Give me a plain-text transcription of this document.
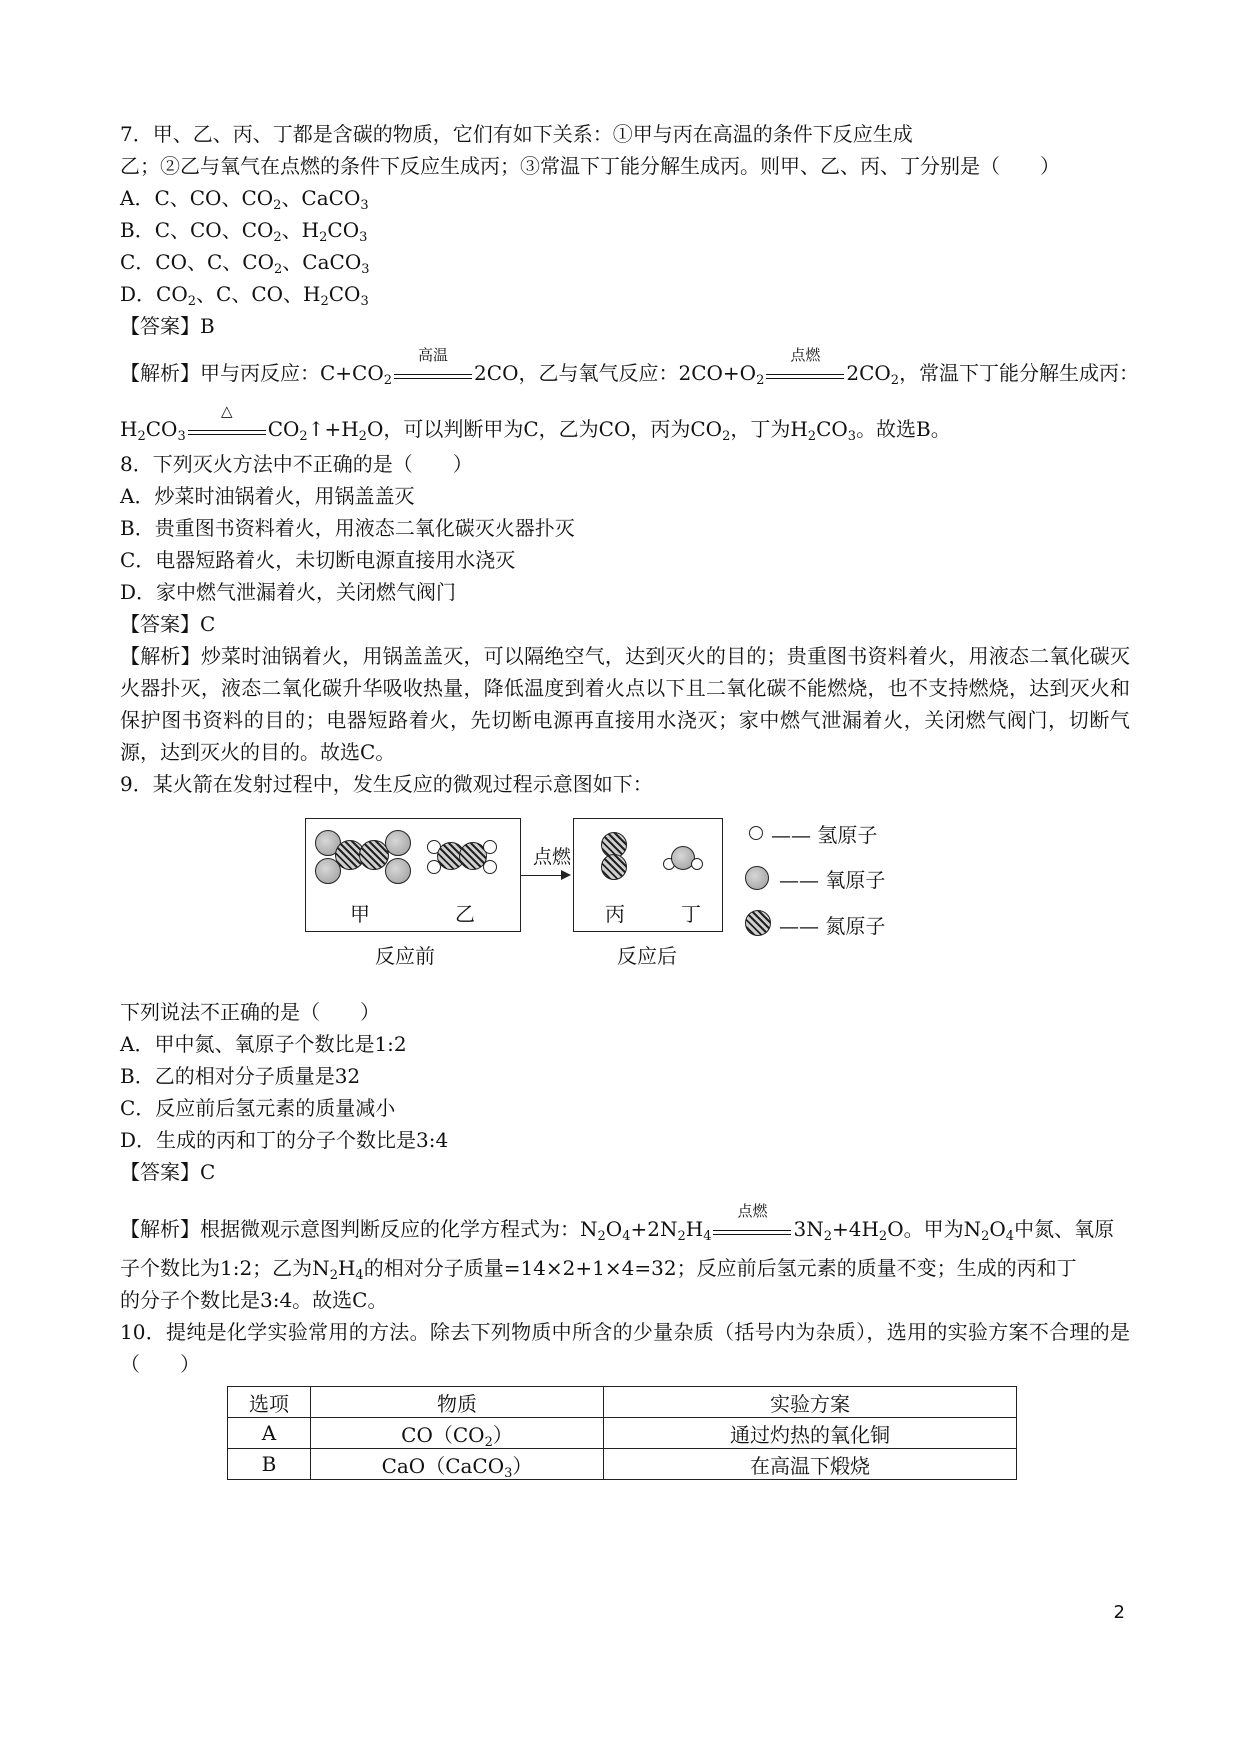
7．甲、乙、丙、丁都是含碳的物质，它们有如下关系：①甲与丙在高温的条件下反应生成

乙；②乙与氧气在点燃的条件下反应生成丙；③常温下丁能分解生成丙。则甲、乙、丙、丁分别是（　　）

A．C、CO、$CO_2$、CaCO$_3$

B．C、CO、$CO_2$、$H_2CO_3$

C．CO、C、$CO_2$、CaCO$_3$

D．$CO_2$、C、CO、$H_2CO_3$

【答案】B

【解析】甲与丙反应：$C+CO_2$
高温
2CO，乙与氧气反应：$2CO+O_2$
点燃
$2CO_2$，常温下丁能分解生成丙：

$H_2CO_3$
△
$CO_2↑+H_2O$，可以判断甲为C，乙为CO，丙为$CO_2$，丁为$H_2CO_3$。故选B。

8．下列灭火方法中不正确的是（　　）

A．炒菜时油锅着火，用锅盖盖灭

B．贵重图书资料着火，用液态二氧化碳灭火器扑灭

C．电器短路着火，未切断电源直接用水浇灭

D．家中燃气泄漏着火，关闭燃气阀门

【答案】C

【解析】炒菜时油锅着火，用锅盖盖灭，可以隔绝空气，达到灭火的目的；贵重图书资料着火，用液态二氧化碳灭火器扑灭，液态二氧化碳升华吸收热量，降低温度到着火点以下且二氧化碳不能燃烧，也不支持燃烧，达到灭火和保护图书资料的目的；电器短路着火，先切断电源再直接用水浇灭；家中燃气泄漏着火，关闭燃气阀门，切断气源，达到灭火的目的。故选C。

9．某火箭在发射过程中，发生反应的微观过程示意图如下：

甲	乙
反应前
点燃
丙	丁
反应后
—— 氢原子
—— 氧原子
—— 氮原子

下列说法不正确的是（　　）

A．甲中氮、氧原子个数比是1:2

B．乙的相对分子质量是32

C．反应前后氢元素的质量减小

D．生成的丙和丁的分子个数比是3:4

【答案】C

【解析】根据微观示意图判断反应的化学方程式为：$N_2O_4+2N_2H_4$
点燃
$3N_2+4H_2O$。甲为$N_2O_4$中氮、氧原

子个数比为1:2；乙为$N_2H_4$的相对分子质量=14×2+1×4=32；反应前后氢元素的质量不变；生成的丙和丁

的分子个数比是3:4。故选C。

10．提纯是化学实验常用的方法。除去下列物质中所含的少量杂质（括号内为杂质），选用的实验方案不合理的是（　　）

选项	物质	实验方案
A	$CO(CO_2)$	通过灼热的氧化铜
B	CaO（CaCO$_3$）	在高温下煅烧
2
